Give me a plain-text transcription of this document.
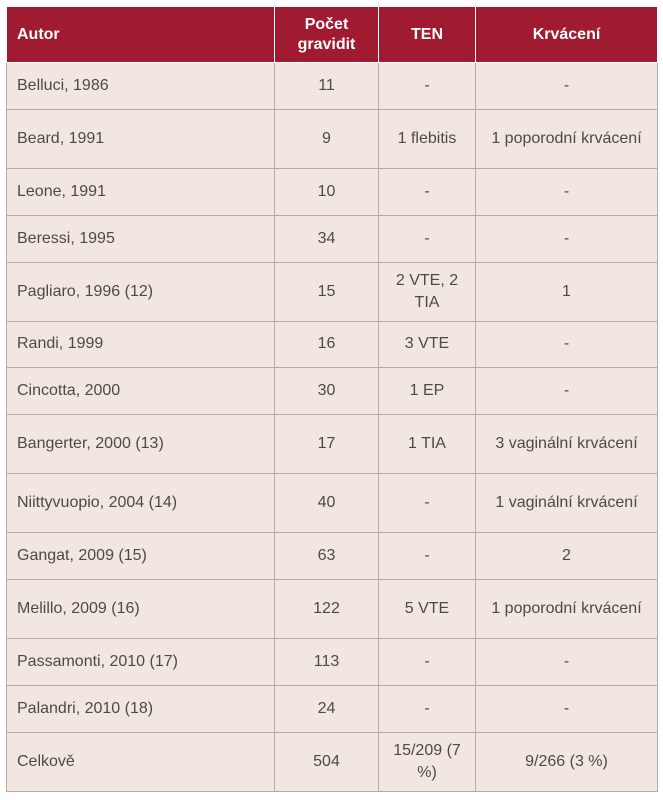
Autor	Počet gravidit	TEN	Krvácení
Belluci, 1986	11	-	-
Beard, 1991	9	1 flebitis	1 poporodní krvácení
Leone, 1991	10	-	-
Beressi, 1995	34	-	-
Pagliaro, 1996 (12)	15	2 VTE, 2 TIA	1
Randi, 1999	16	3 VTE	-
Cincotta, 2000	30	1 EP	-
Bangerter, 2000 (13)	17	1 TIA	3 vaginální krvácení
Niittyvuopio, 2004 (14)	40	-	1 vaginální krvácení
Gangat, 2009 (15)	63	-	2
Melillo, 2009 (16)	122	5 VTE	1 poporodní krvácení
Passamonti, 2010 (17)	113	-	-
Palandri, 2010 (18)	24	-	-
Celkově	504	15/209 (7 %)	9/266 (3 %)
